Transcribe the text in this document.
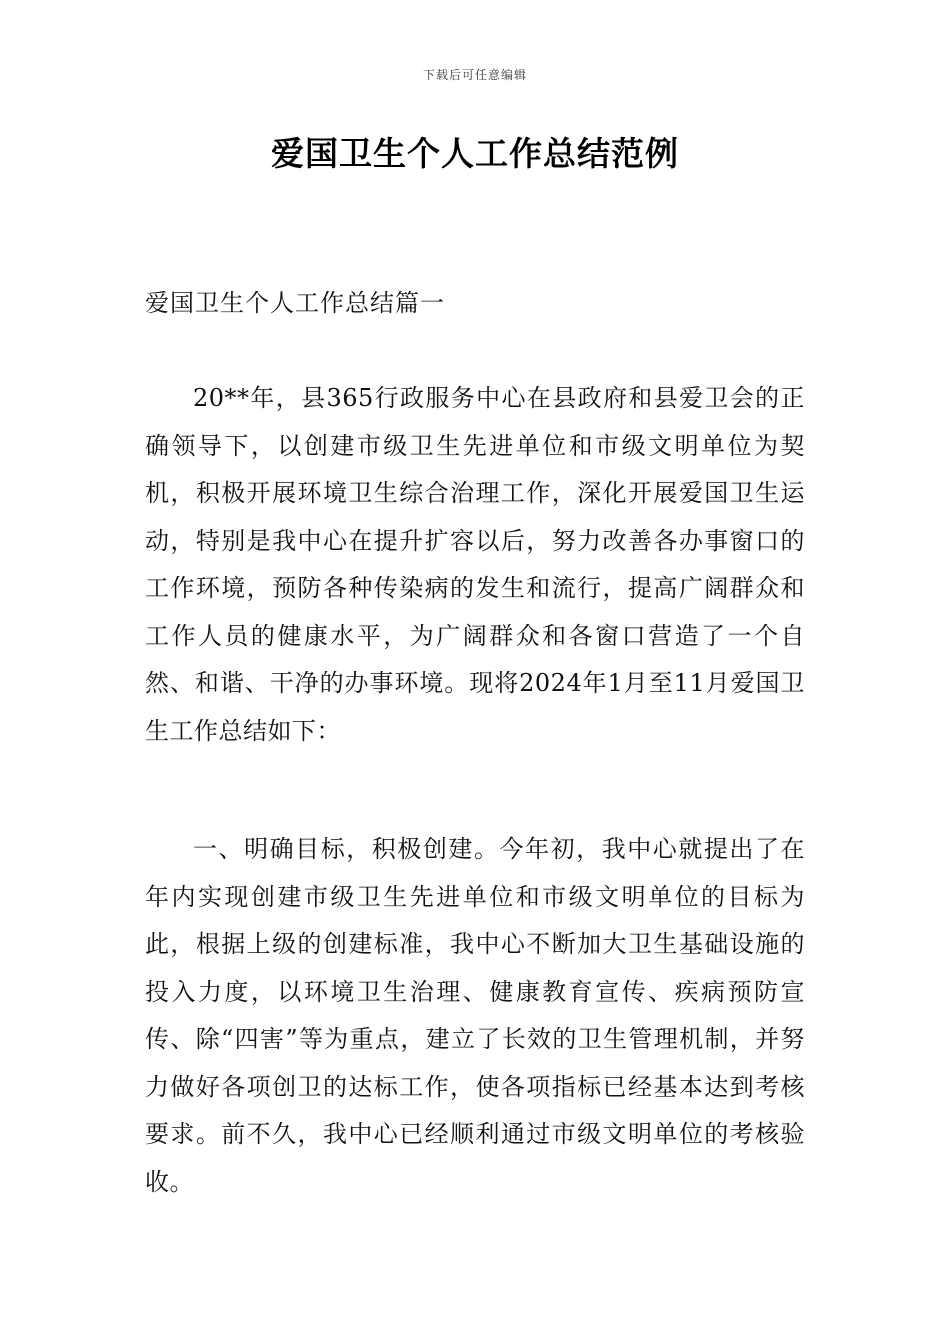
下载后可任意编辑
爱国卫生个人工作总结范例
爱国卫生个人工作总结篇一

20**年，县365行政服务中心在县政府和县爱卫会的正确领导下，以创建市级卫生先进单位和市级文明单位为契机，积极开展环境卫生综合治理工作，深化开展爱国卫生运动，特别是我中心在提升扩容以后，努力改善各办事窗口的工作环境，预防各种传染病的发生和流行，提高广阔群众和工作人员的健康水平，为广阔群众和各窗口营造了一个自然、和谐、干净的办事环境。现将2024年1月至11月爱国卫生工作总结如下：

一、明确目标，积极创建。今年初，我中心就提出了在年内实现创建市级卫生先进单位和市级文明单位的目标为此，根据上级的创建标准，我中心不断加大卫生基础设施的投入力度，以环境卫生治理、健康教育宣传、疾病预防宣传、除“四害”等为重点，建立了长效的卫生管理机制，并努力做好各项创卫的达标工作，使各项指标已经基本达到考核要求。前不久，我中心已经顺利通过市级文明单位的考核验收。
